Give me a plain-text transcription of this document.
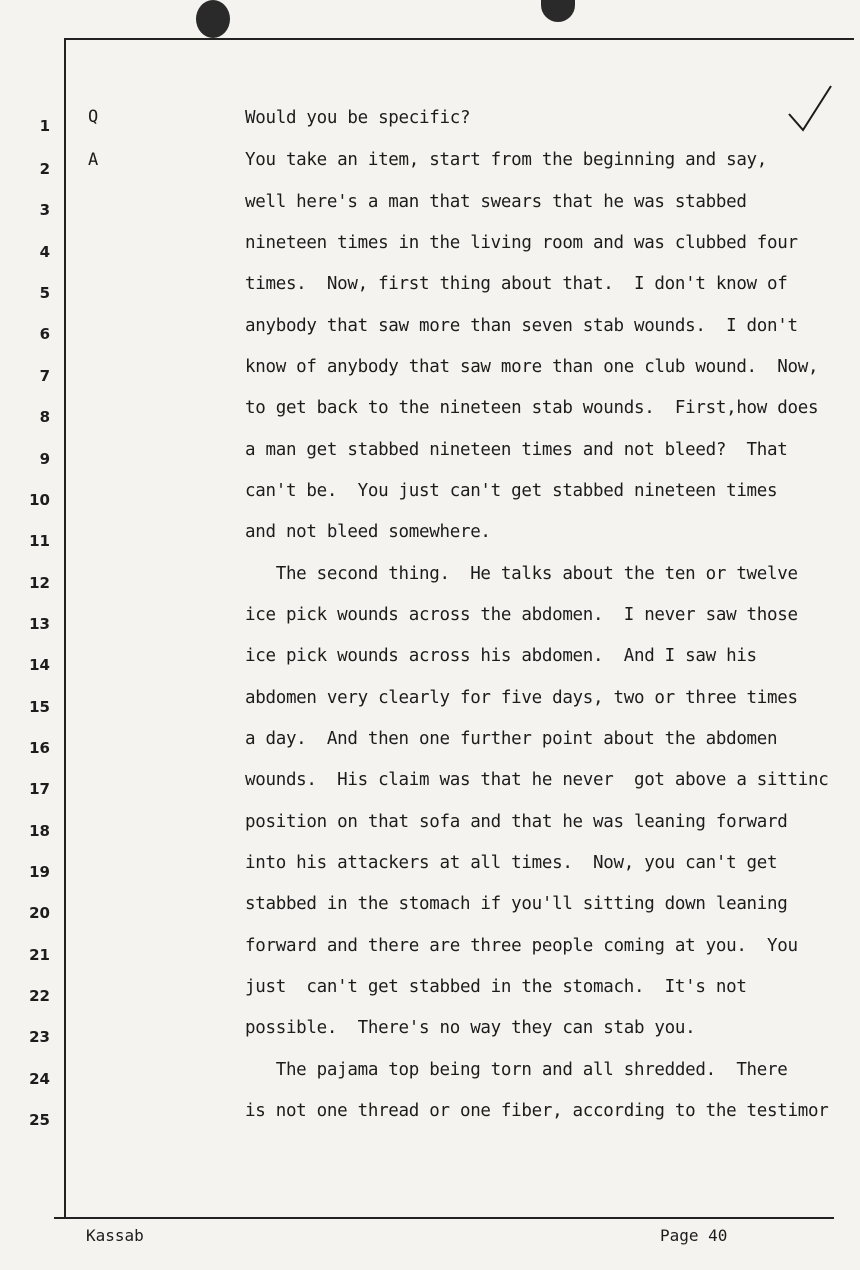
1 Q	Would you be specific?
2 A	You take an item, start from the beginning and say,
3	well here's a man that swears that he was stabbed
4	nineteen times in the living room and was clubbed four
5	times.  Now, first thing about that.  I don't know of
6	anybody that saw more than seven stab wounds.  I don't
7	know of anybody that saw more than one club wound.  Now,
8	to get back to the nineteen stab wounds.  First,how does
9	a man get stabbed nineteen times and not bleed?  That
10	can't be.  You just can't get stabbed nineteen times
11	and not bleed somewhere.
12	The second thing.  He talks about the ten or twelve
13	ice pick wounds across the abdomen.  I never saw those
14	ice pick wounds across his abdomen.  And I saw his
15	abdomen very clearly for five days, two or three times
16	a day.  And then one further point about the abdomen
17	wounds.  His claim was that he never  got above a sittinc
18	position on that sofa and that he was leaning forward
19	into his attackers at all times.  Now, you can't get
20	stabbed in the stomach if you'll sitting down leaning
21	forward and there are three people coming at you.  You
22	just  can't get stabbed in the stomach.  It's not
23	possible.  There's no way they can stab you.
24	The pajama top being torn and all shredded.  There
25	is not one thread or one fiber, according to the testimor
Kassab	Page 40
